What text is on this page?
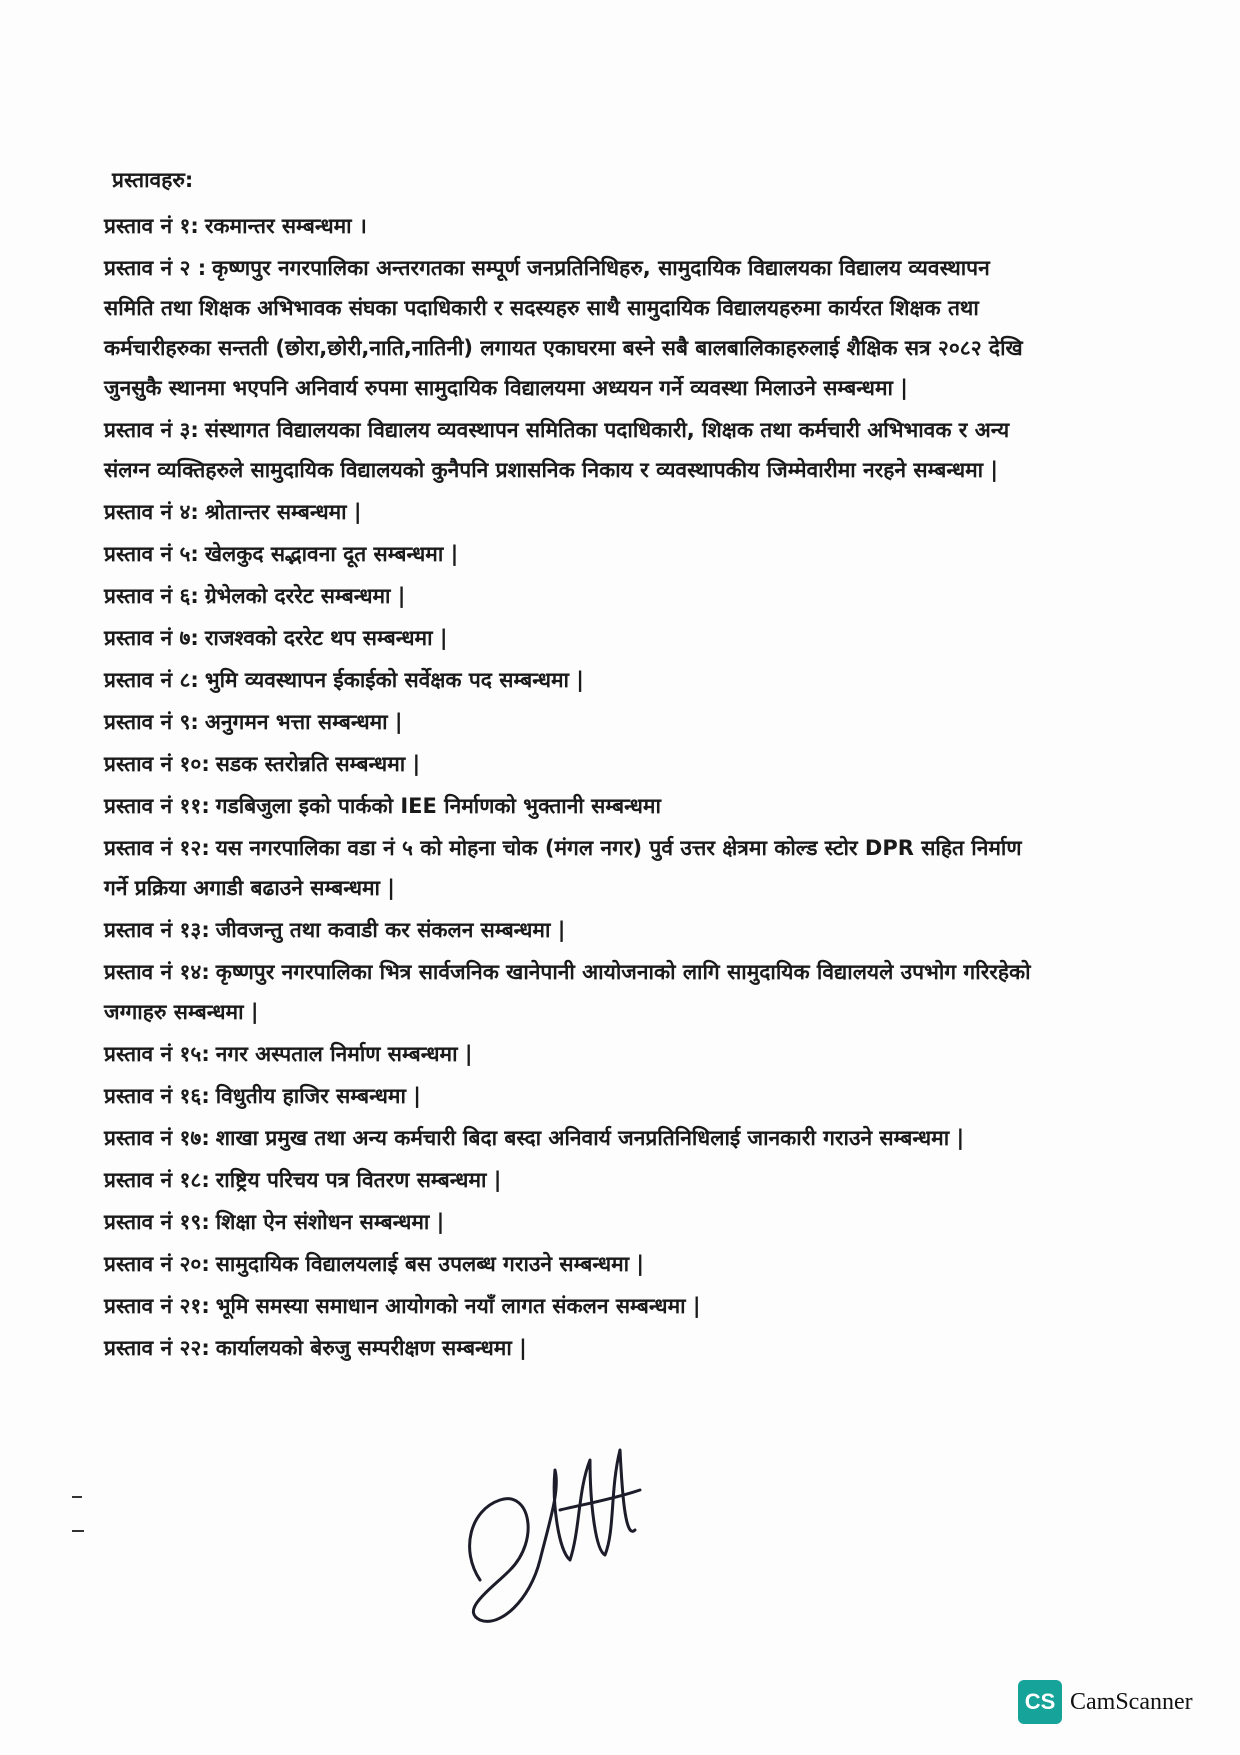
प्रस्तावहरु:
प्रस्ताव नं १: रकमान्तर सम्बन्धमा ।
प्रस्ताव नं २ : कृष्णपुर नगरपालिका अन्तरगतका सम्पूर्ण जनप्रतिनिधिहरु, सामुदायिक विद्यालयका विद्यालय व्यवस्थापन समिति तथा शिक्षक अभिभावक संघका पदाधिकारी र सदस्यहरु साथै सामुदायिक विद्यालयहरुमा कार्यरत शिक्षक तथा कर्मचारीहरुका सन्तती (छोरा,छोरी,नाति,नातिनी) लगायत एकाघरमा बस्ने सबै बालबालिकाहरुलाई शैक्षिक सत्र २०८२ देखि जुनसुकै स्थानमा भएपनि अनिवार्य रुपमा सामुदायिक विद्यालयमा अध्ययन गर्ने व्यवस्था मिलाउने सम्बन्धमा |
प्रस्ताव नं ३: संस्थागत विद्यालयका विद्यालय व्यवस्थापन समितिका पदाधिकारी, शिक्षक तथा कर्मचारी अभिभावक र अन्य संलग्न व्यक्तिहरुले सामुदायिक विद्यालयको कुनैपनि प्रशासनिक निकाय र व्यवस्थापकीय जिम्मेवारीमा नरहने सम्बन्धमा |
प्रस्ताव नं ४: श्रोतान्तर सम्बन्धमा |
प्रस्ताव नं ५: खेलकुद सद्भावना दूत सम्बन्धमा |
प्रस्ताव नं ६: ग्रेभेलको दररेट सम्बन्धमा |
प्रस्ताव नं ७: राजश्वको दररेट थप सम्बन्धमा |
प्रस्ताव नं ८: भुमि व्यवस्थापन ईकाईको सर्वेक्षक पद सम्बन्धमा |
प्रस्ताव नं ९: अनुगमन भत्ता सम्बन्धमा |
प्रस्ताव नं १०: सडक स्तरोन्नति सम्बन्धमा |
प्रस्ताव नं ११: गडबिजुला इको पार्कको IEE निर्माणको भुक्तानी सम्बन्धमा
प्रस्ताव नं १२: यस नगरपालिका वडा नं ५ को मोहना चोक (मंगल नगर) पुर्व उत्तर क्षेत्रमा कोल्ड स्टोर DPR सहित निर्माण गर्ने प्रक्रिया अगाडी बढाउने सम्बन्धमा |
प्रस्ताव नं १३: जीवजन्तु तथा कवाडी कर संकलन सम्बन्धमा |
प्रस्ताव नं १४: कृष्णपुर नगरपालिका भित्र सार्वजनिक खानेपानी आयोजनाको लागि सामुदायिक विद्यालयले उपभोग गरिरहेको जग्गाहरु सम्बन्धमा |
प्रस्ताव नं १५: नगर अस्पताल निर्माण सम्बन्धमा |
प्रस्ताव नं १६: विधुतीय हाजिर सम्बन्धमा |
प्रस्ताव नं १७: शाखा प्रमुख तथा अन्य कर्मचारी बिदा बस्दा अनिवार्य जनप्रतिनिधिलाई जानकारी गराउने सम्बन्धमा |
प्रस्ताव नं १८: राष्ट्रिय परिचय पत्र वितरण सम्बन्धमा |
प्रस्ताव नं १९: शिक्षा ऐन संशोधन सम्बन्धमा |
प्रस्ताव नं २०: सामुदायिक विद्यालयलाई बस उपलब्ध गराउने सम्बन्धमा |
प्रस्ताव नं २१: भूमि समस्या समाधान आयोगको नयाँ लागत संकलन सम्बन्धमा |
प्रस्ताव नं २२: कार्यालयको बेरुजु सम्परीक्षण सम्बन्धमा |
CS CamScanner
